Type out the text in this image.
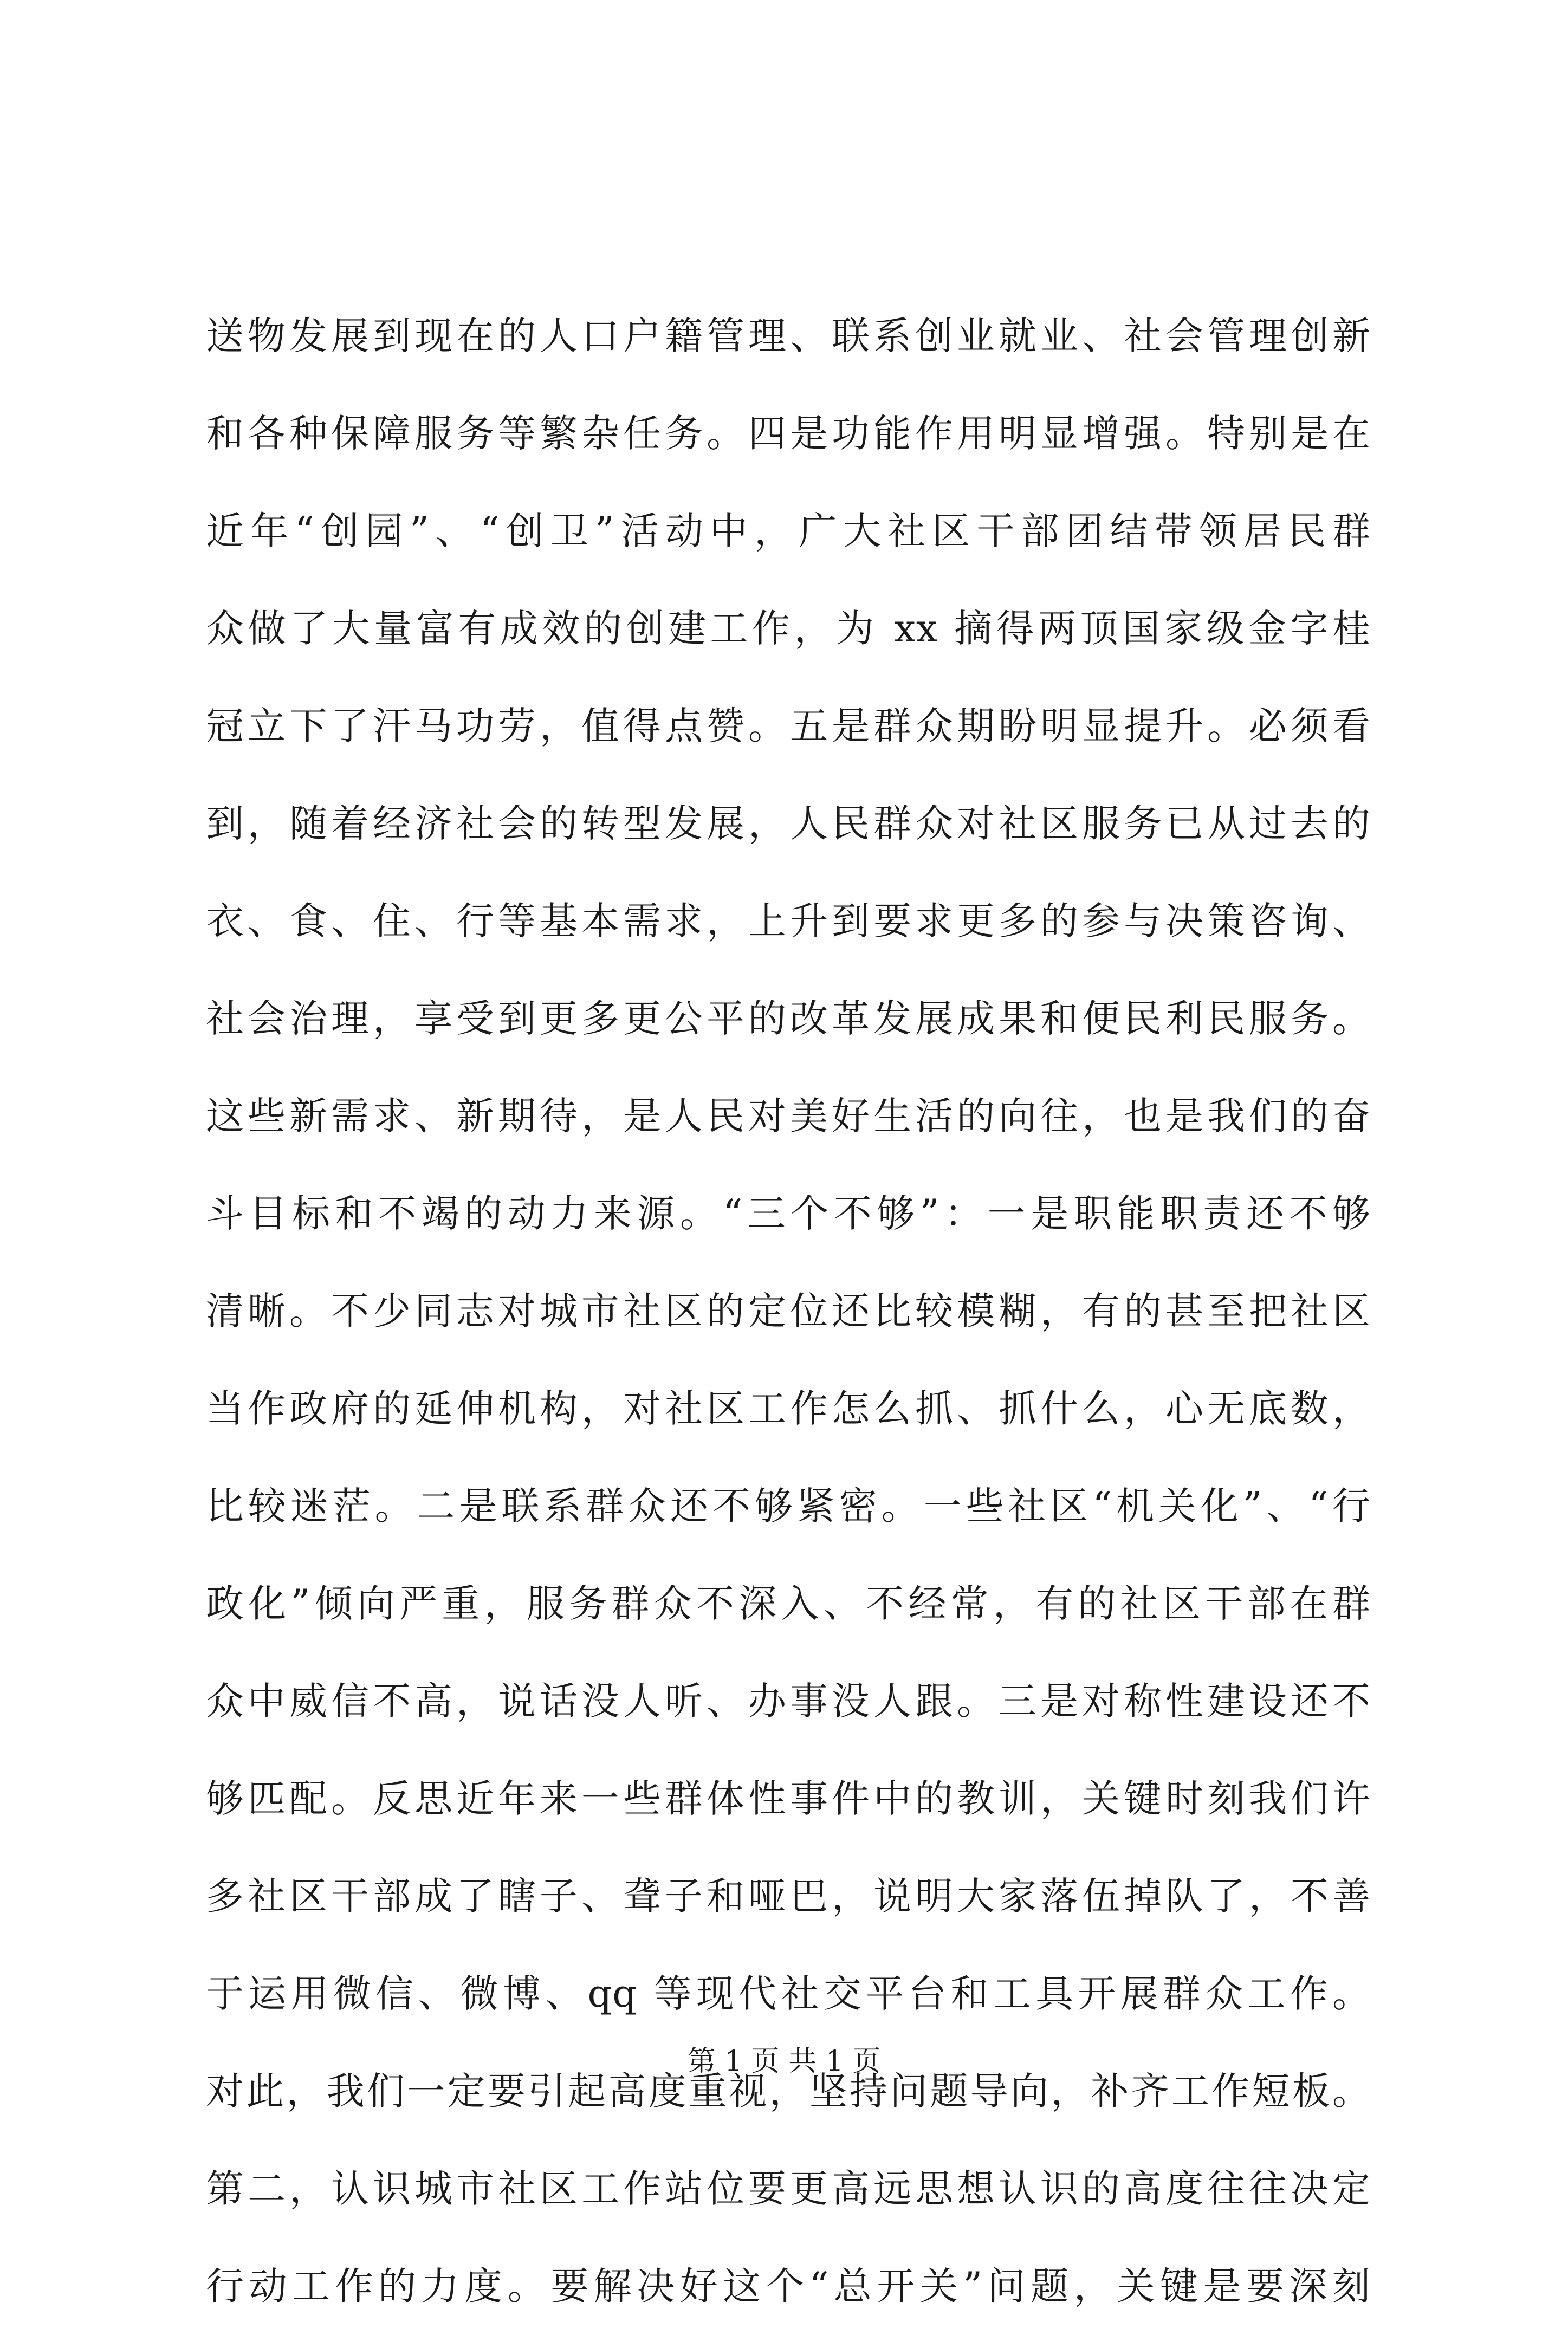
送物发展到现在的人口户籍管理、联系创业就业、社会管理创新
和各种保障服务等繁杂任务。四是功能作用明显增强。特别是在
近年“创园”、“创卫”活动中，广大社区干部团结带领居民群
众做了大量富有成效的创建工作，为 xx 摘得两顶国家级金字桂
冠立下了汗马功劳，值得点赞。五是群众期盼明显提升。必须看
到，随着经济社会的转型发展，人民群众对社区服务已从过去的
衣、食、住、行等基本需求，上升到要求更多的参与决策咨询、
社会治理，享受到更多更公平的改革发展成果和便民利民服务。
这些新需求、新期待，是人民对美好生活的向往，也是我们的奋
斗目标和不竭的动力来源。“三个不够”：一是职能职责还不够
清晰。不少同志对城市社区的定位还比较模糊，有的甚至把社区
当作政府的延伸机构，对社区工作怎么抓、抓什么，心无底数，
比较迷茫。二是联系群众还不够紧密。一些社区“机关化”、“行
政化”倾向严重，服务群众不深入、不经常，有的社区干部在群
众中威信不高，说话没人听、办事没人跟。三是对称性建设还不
够匹配。反思近年来一些群体性事件中的教训，关键时刻我们许
多社区干部成了瞎子、聋子和哑巴，说明大家落伍掉队了，不善
于运用微信、微博、qq 等现代社交平台和工具开展群众工作。
对此，我们一定要引起高度重视，坚持问题导向，补齐工作短板。
第二，认识城市社区工作站位要更高远思想认识的高度往往决定
行动工作的力度。要解决好这个“总开关”问题，关键是要深刻
第 1 页 共 1 页
